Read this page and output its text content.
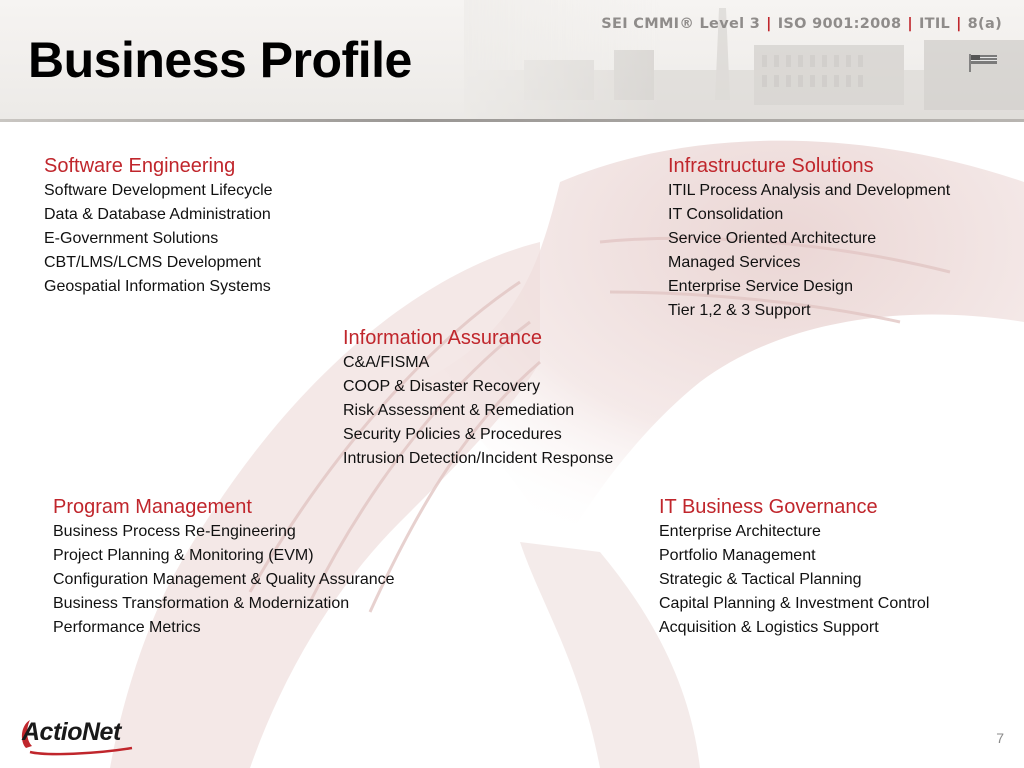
Business Profile
SEI CMMI® Level 3 | ISO 9001:2008 | ITIL | 8(a)
Software Engineering
Software Development Lifecycle
Data & Database Administration
E-Government Solutions
CBT/LMS/LCMS Development
Geospatial Information Systems
Infrastructure Solutions
ITIL Process Analysis and Development
IT Consolidation
Service Oriented Architecture
Managed Services
Enterprise Service Design
Tier 1,2 & 3 Support
Information Assurance
C&A/FISMA
COOP & Disaster Recovery
Risk Assessment & Remediation
Security Policies & Procedures
Intrusion Detection/Incident Response
Program Management
Business Process Re-Engineering
Project Planning & Monitoring (EVM)
Configuration Management & Quality Assurance
Business Transformation & Modernization
Performance Metrics
IT Business Governance
Enterprise Architecture
Portfolio Management
Strategic & Tactical Planning
Capital Planning & Investment Control
Acquisition & Logistics Support
ActioNet	7
